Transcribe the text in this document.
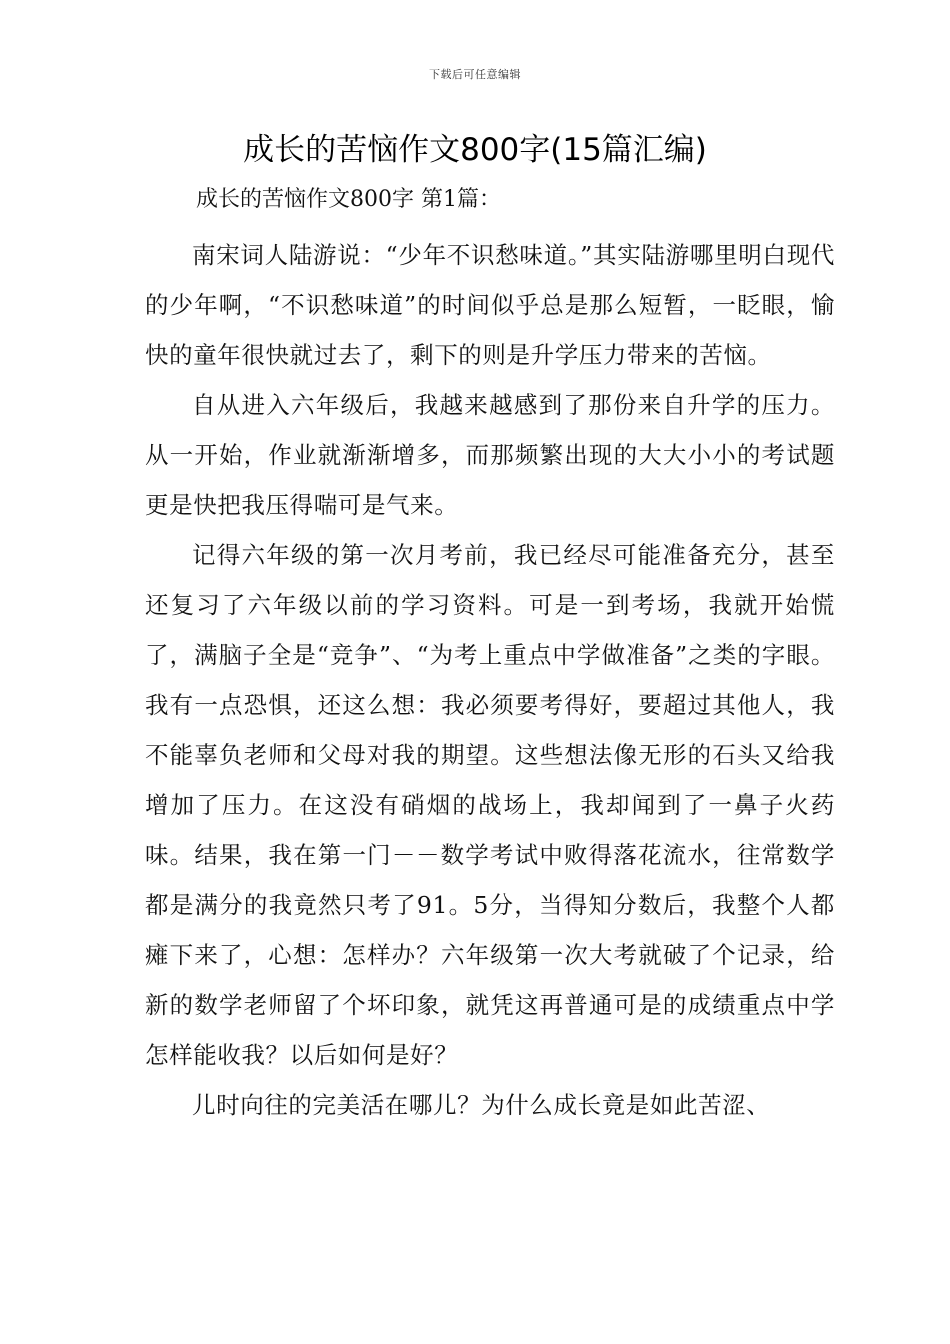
下载后可任意编辑
成长的苦恼作文800字(15篇汇编)

成长的苦恼作文800字 第1篇：

南宋词人陆游说：“少年不识愁味道。”其实陆游哪里明白现代的少年啊，“不识愁味道”的时间似乎总是那么短暂，一眨眼，愉快的童年很快就过去了，剩下的则是升学压力带来的苦恼。

自从进入六年级后，我越来越感到了那份来自升学的压力。从一开始，作业就渐渐增多，而那频繁出现的大大小小的考试题更是快把我压得喘可是气来。

记得六年级的第一次月考前，我已经尽可能准备充分，甚至还复习了六年级以前的学习资料。可是一到考场，我就开始慌了，满脑子全是“竞争”、“为考上重点中学做准备”之类的字眼。我有一点恐惧，还这么想：我必须要考得好，要超过其他人，我不能辜负老师和父母对我的期望。这些想法像无形的石头又给我增加了压力。在这没有硝烟的战场上，我却闻到了一鼻子火药味。结果，我在第一门－－数学考试中败得落花流水，往常数学都是满分的我竟然只考了91。5分，当得知分数后，我整个人都瘫下来了，心想：怎样办？六年级第一次大考就破了个记录，给新的数学老师留了个坏印象，就凭这再普通可是的成绩重点中学怎样能收我？以后如何是好？

儿时向往的完美活在哪儿？为什么成长竟是如此苦涩、
